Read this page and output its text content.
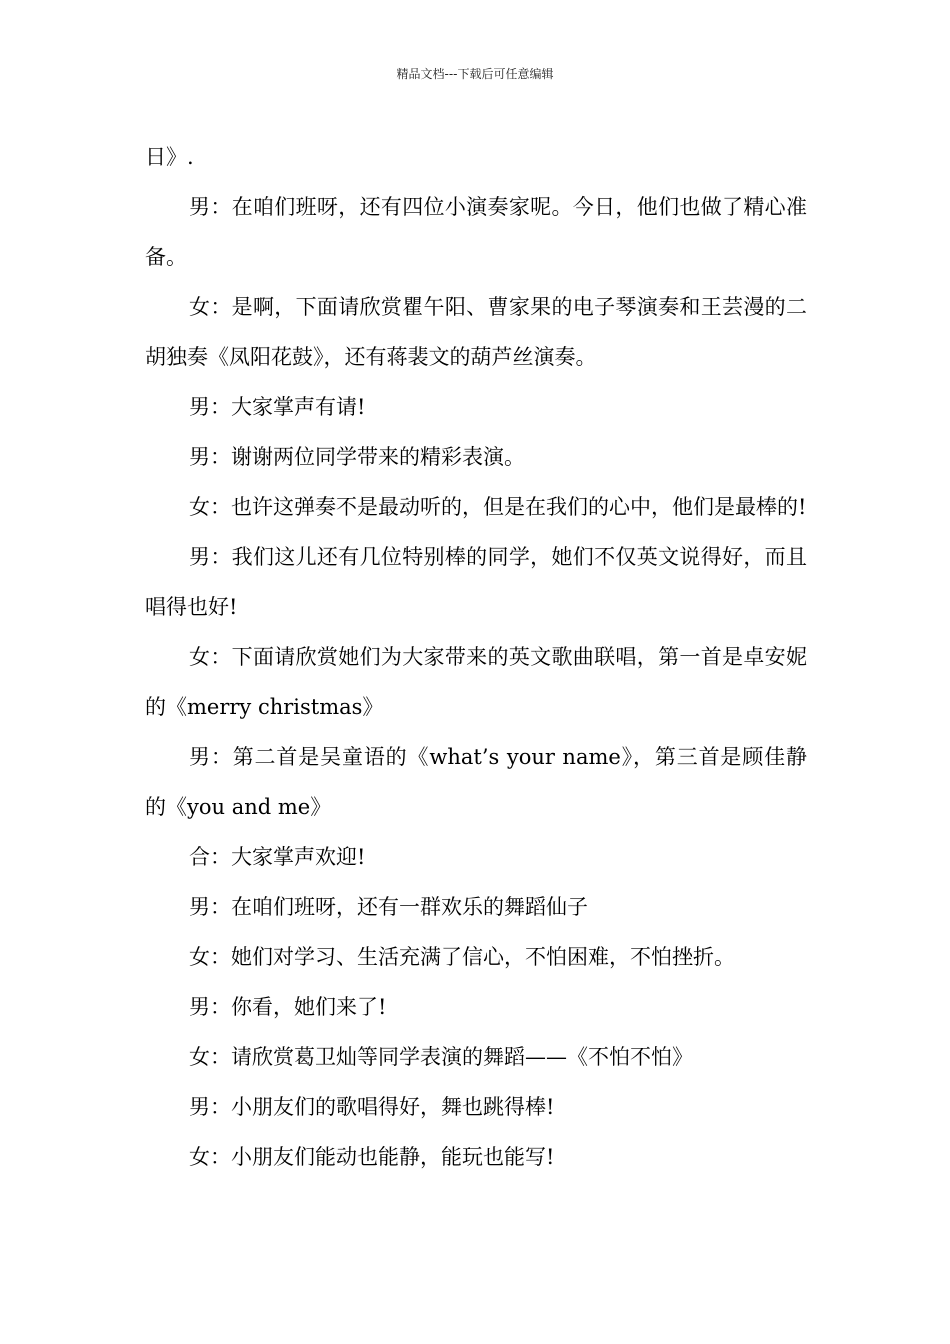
精品文档---下载后可任意编辑

日》.

男：在咱们班呀，还有四位小演奏家呢。今日，他们也做了精心准备。

女：是啊，下面请欣赏瞿午阳、曹家果的电子琴演奏和王芸漫的二胡独奏《凤阳花鼓》，还有蒋裴文的葫芦丝演奏。

男：大家掌声有请!

男：谢谢两位同学带来的精彩表演。

女：也许这弹奏不是最动听的，但是在我们的心中，他们是最棒的!

男：我们这儿还有几位特别棒的同学，她们不仅英文说得好，而且唱得也好!

女：下面请欣赏她们为大家带来的英文歌曲联唱，第一首是卓安妮的《merry christmas》

男：第二首是吴童语的《what’s your name》，第三首是顾佳静的《you and me》

合：大家掌声欢迎!

男：在咱们班呀，还有一群欢乐的舞蹈仙子

女：她们对学习、生活充满了信心，不怕困难，不怕挫折。

男：你看，她们来了!

女：请欣赏葛卫灿等同学表演的舞蹈——《不怕不怕》

男：小朋友们的歌唱得好，舞也跳得棒!

女：小朋友们能动也能静，能玩也能写!
